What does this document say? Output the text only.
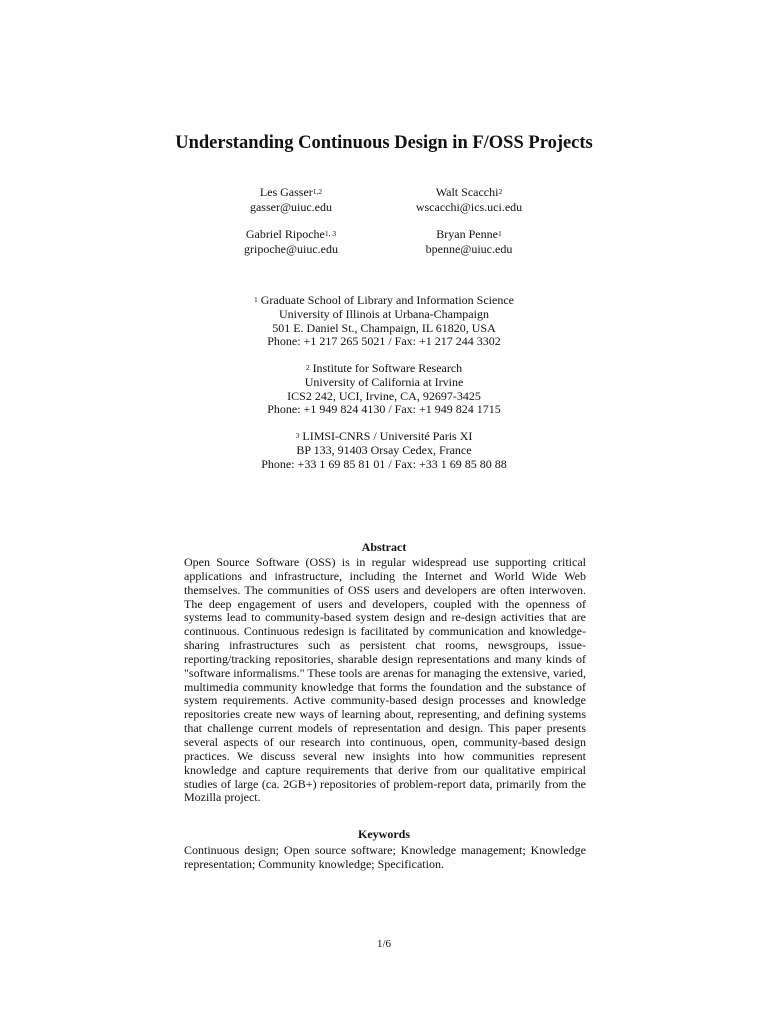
Understanding Continuous Design in F/OSS Projects
Les Gasser$^{1,2}$
gasser@uiuc.edu
Walt Scacchi$^2$
wscacchi@ics.uci.edu
Gabriel Ripoche$^{1, 3}$
gripoche@uiuc.edu
Bryan Penne$^1$
bpenne@uiuc.edu
$^1$ Graduate School of Library and Information Science
University of Illinois at Urbana-Champaign
501 E. Daniel St., Champaign, IL 61820, USA
Phone: +1 217 265 5021 / Fax: +1 217 244 3302
$^2$ Institute for Software Research
University of California at Irvine
ICS2 242, UCI, Irvine, CA, 92697-3425
Phone: +1 949 824 4130 / Fax: +1 949 824 1715
$^3$ LIMSI-CNRS / Université Paris XI
BP 133, 91403 Orsay Cedex, France
Phone: +33 1 69 85 81 01 / Fax: +33 1 69 85 80 88
Abstract

Open Source Software (OSS) is in regular widespread use supporting critical applications and infrastructure, including the Internet and World Wide Web themselves. The communities of OSS users and developers are often interwoven. The deep engagement of users and developers, coupled with the openness of systems lead to community-based system design and re-design activities that are continuous. Continuous redesign is facilitated by communication and knowledge-sharing infrastructures such as persistent chat rooms, newsgroups, issue-reporting/tracking repositories, sharable design representations and many kinds of "software informalisms." These tools are arenas for managing the extensive, varied, multimedia community knowledge that forms the foundation and the substance of system requirements. Active community-based design processes and knowledge repositories create new ways of learning about, representing, and defining systems that challenge current models of representation and design. This paper presents several aspects of our research into continuous, open, community-based design practices. We discuss several new insights into how communities represent knowledge and capture requirements that derive from our qualitative empirical studies of large (ca. 2GB+) repositories of problem-report data, primarily from the Mozilla project.

Keywords

Continuous design; Open source software; Knowledge management; Knowledge representation; Community knowledge; Specification.

1/6
